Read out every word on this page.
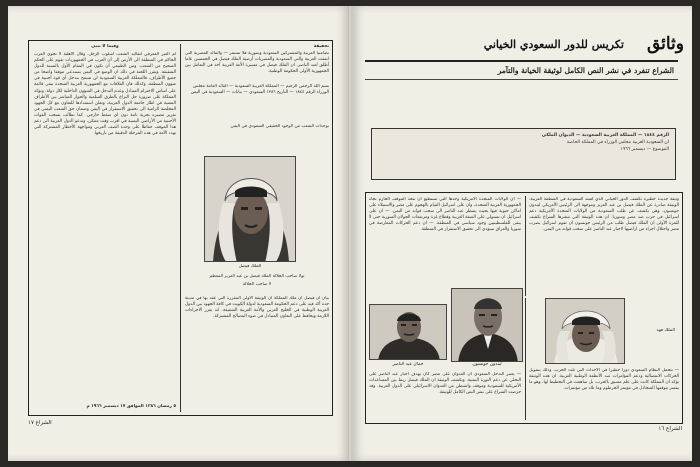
تحقيقة
تضامنيا العربية والمشتركين السعودية وسورية فلا تستمر — والماله المصرية التي اتفقت العربية والتي السعودية والمصريات أرضية الملك فيصل في الخمسين عاما أطلق لعبد الناصر. ان الملك فيصل في مسيرة الأمة العربية أخذ في التعامل بين الجمهورية الأولى الحكومة الوطنية.
بسم الله الرحمن الرحيم — المملكة العربية السعودية — القائد العامة مجلس الوزراء الرقم ١٨٤٤ — التاريخ ١٣٨٦ السعودي — بيانات — السعودية في اليمن
بوحدات الشعب من الوجود الحقيقي السعودي في اليمن
الملك فيصل
تولا صاحب الجلالة الملك فيصل بن عبد العزيز المعظم
لا صاحب الجلالة
بيان ان فيصل ان ملك المملكة ان الوثيقة الأولى المقررة التي عقد بها في مدينة جدة أكد فيه على دعم الحكومة السعودية لدولة الكويت في كافة الجهود بين الدول العربية الوطنية في الخليج العربي والأمة العربية الشقيقة. انه يقرر الاجراءات اللازمة ويحافظ على التعاون المتبادل في ضوء المصالح المشتركة.
وفيما لا تبنى
لم الغير المعرفي لتقاليد الشعب أسلوب الرجل، وقال الأهلية لا تحوي العرب الحاكم في المنطقة الى الأرض إلى أن العرب في الجمهوريات تقوم على الحكم الصحيح من الشعب. ومن الطبيعي أن تكون في المقام الأول بالنسبة للدول الشقيقة. وتقرر اللجنة في ذلك ان الوضع في اليمن يستدعي موقفا واضحا من جميع الأطراف، فالمملكة العربية السعودية لن تسمح بتدخل أي قوة أجنبية في شؤون المنطقة، وكذلك فان العلاقات مع الجمهورية العربية المتحدة تبقى قائمة على اساس الاحترام المتبادل وعدم التدخل في الشؤون الداخلية لكل دولة. وتؤكد المملكة على ضرورة حل النزاع بالطرق السلمية والحوار المباشر بين الأطراف المعنية في اطار جامعة الدول العربية، وتعلن استعدادها للتعاون مع كل الجهود المخلصة الرامية الى تحقيق الاستقرار في اليمن وضمان حق الشعب اليمني في تقرير مصيره بحرية تامة دون اي ضغط خارجي. كما تطالب بسحب القوات الأجنبية من الأراضي اليمنية في اقرب وقت ممكن، وتدعو الدول العربية الى دعم هذا الموقف حفاظا على وحدة الصف العربي ومواجهة الأخطار المشتركة التي تهدد الأمة في هذه المرحلة الدقيقة من تاريخها.
٥ رمضان ١٣٨٦ الموافق ١٧ ديسمبر ١٩٦٦ م
الشراع ١٧
وثائق
تكريس للدور السعودي الخياني
الشراع تنفرد في نشر النص الكامل لوثيقة الخيانة والتآمر
الرقم ١٨٤٤ — المملكة العربية السعودية — الديوان الملكي
ان السعودية العربية مجلس الوزراء في المملكة الخاصة
الموضوع — ديسمبر ١٩٦٦
وثيقة جديدة خطيرة تكشف الدور الخياني الذي لعبته السعودية في المنطقة العربية. الوثيقة صادرة عن الملك فيصل بن عبد العزيز وموجهة الى الرئيس الأمريكي ليندون جونسون، وهي تكشف عن طلب السعودية من الولايات المتحدة الأمريكية دعم اسرائيل في حرب ضد مصر وسوريا. ان هذه الوثيقة التي تنشرها الشراع تكشف للمرة الأولى ان الملك فيصل طلب من الرئيس جونسون ان تقوم اسرائيل بضرب مصر واحتلال اجزاء من اراضيها لاجبار عبد الناصر على سحب قواته من اليمن.
— ان الولايات المتحدة الأمريكية وحدها التي تستطيع ان تتخذ الموقف الحازم تجاه الجمهورية العربية المتحدة، وان على اسرائيل القيام بالهجوم على مصر والاستيلاء على اماكن حيوية فيها بحيث يضطر عبد الناصر الى سحب قواته من اليمن. — ان على اسرائيل ان تستولي على الضفة الغربية وقطاع غزة ومرتفعات الجولان السورية حتى لا يبقى للفلسطينيين وجود سياسي في المنطقة. — ان دعم الحركات المعارضة في سوريا والعراق سيؤدي الى تحقيق الاستقرار في المنطقة.
جمال عبد الناصر	ليندون جونسون
الملك فهد
— تتحمل النظام السعودي دورا خطيرا في الأحداث التي تلت الحرب، وذلك بتمويل الحركات الانفصالية ودعم المؤامرات ضد الأنظمة الوطنية العربية. ان هذه الوثيقة تؤكد ان المملكة كانت على علم مسبق بالحرب، بل ساهمت في التخطيط لها، وهو ما يفسر موقفها المتخاذل في مؤتمر الخرطوم وما تلاه من مؤتمرات.
— يعتبر التدخل السعودي ان العدوان على مصر كان بهدف اجبار عبد الناصر على التخلي عن دعم الثورة اليمنية. وتكشف الوثيقة ان الملك فيصل ربط بين المساعدات الأمريكية للسعودية وموقف واشنطن من العدوان الاسرائيلي على الدول العربية. وقد حرصت الشراع على نشر النص الكامل للوثيقة.
الشراع ١٦
